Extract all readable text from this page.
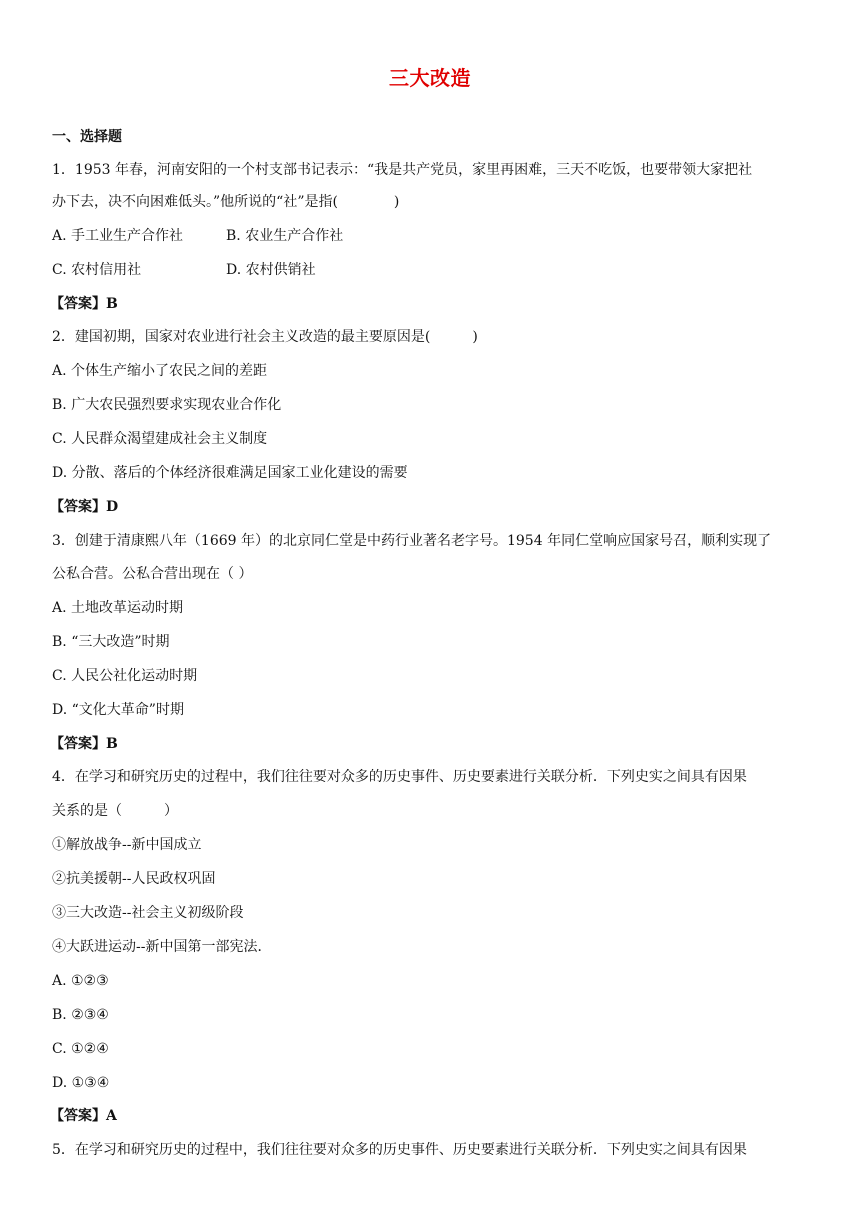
三大改造
一、选择题
1．1953 年春，河南安阳的一个村支部书记表示：“我是共产党员，家里再困难，三天不吃饭，也要带领大家把社
办下去，决不向困难低头。”他所说的“社”是指(　　　　)
A. 手工业生产合作社	B. 农业生产合作社
C. 农村信用社	D. 农村供销社
【答案】B
2．建国初期，国家对农业进行社会主义改造的最主要原因是(　　　)
A. 个体生产缩小了农民之间的差距
B. 广大农民强烈要求实现农业合作化
C. 人民群众渴望建成社会主义制度
D. 分散、落后的个体经济很难满足国家工业化建设的需要
【答案】D
3．创建于清康熙八年（1669 年）的北京同仁堂是中药行业著名老字号。1954 年同仁堂响应国家号召，顺利实现了
公私合营。公私合营出现在（ ）
A. 土地改革运动时期
B. “三大改造”时期
C. 人民公社化运动时期
D. “文化大革命”时期
【答案】B
4．在学习和研究历史的过程中，我们往往要对众多的历史事件、历史要素进行关联分析．下列史实之间具有因果
关系的是（　　　）
①解放战争--新中国成立
②抗美援朝--人民政权巩固
③三大改造--社会主义初级阶段
④大跃进运动--新中国第一部宪法．
A. ①②③
B. ②③④
C. ①②④
D. ①③④
【答案】A
5．在学习和研究历史的过程中，我们往往要对众多的历史事件、历史要素进行关联分析．下列史实之间具有因果
